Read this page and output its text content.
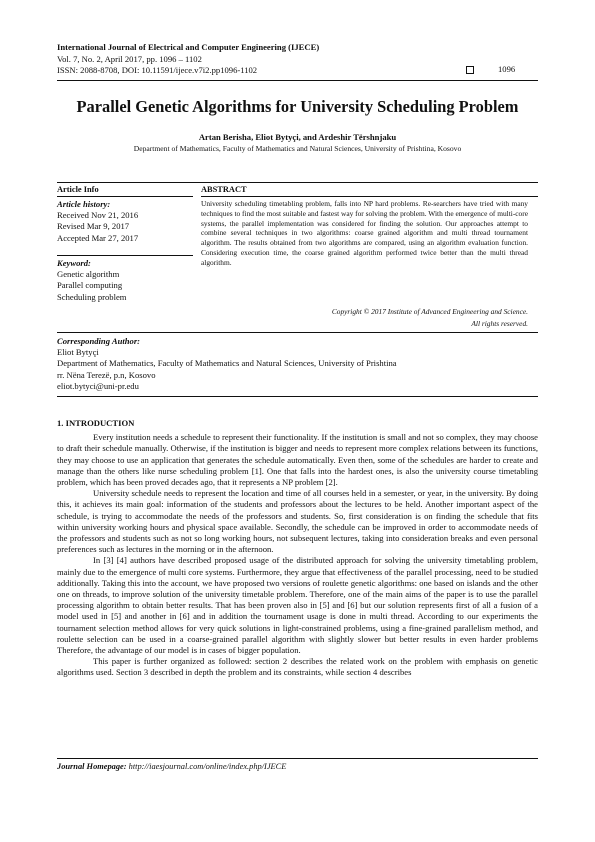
International Journal of Electrical and Computer Engineering (IJECE)
Vol. 7, No. 2, April 2017, pp. 1096 – 1102
ISSN: 2088-8708, DOI: 10.11591/ijece.v7i2.pp1096-1102	1096
Parallel Genetic Algorithms for University Scheduling Problem
Artan Berisha, Eliot Bytyçi, and Ardeshir Tërshnjaku
Department of Mathematics, Faculty of Mathematics and Natural Sciences, University of Prishtina, Kosovo
Article Info	ABSTRACT
Article history:
Received Nov 21, 2016
Revised Mar 9, 2017
Accepted Mar 27, 2017
Keyword:
Genetic algorithm
Parallel computing
Scheduling problem
University scheduling timetabling problem, falls into NP hard problems. Re-searchers have tried with many techniques to find the most suitable and fastest way for solving the problem. With the emergence of multi-core systems, the parallel implementation was considered for finding the solution. Our approaches attempt to combine several techniques in two algorithms: coarse grained algorithm and multi thread tournament algorithm. The results obtained from two algorithms are compared, using an algorithm evaluation function. Considering execution time, the coarse grained algorithm performed twice better than the multi thread algorithm.
Copyright © 2017 Institute of Advanced Engineering and Science.
All rights reserved.
Corresponding Author:
Eliot Bytyçi
Department of Mathematics, Faculty of Mathematics and Natural Sciences, University of Prishtina
rr. Nëna Terezë, p.n, Kosovo
eliot.bytyci@uni-pr.edu
1. INTRODUCTION

Every institution needs a schedule to represent their functionality. If the institution is small and not so complex, they may choose to draft their schedule manually. Otherwise, if the institution is bigger and needs to represent more complex relations between its functions, they may choose to use an application that generates the schedule automatically. Even then, some of the schedules are harder to create and manage than the others like nurse scheduling problem [1]. One that falls into the hardest ones, is also the university course timetabling problem, which has been proved decades ago, that it represents a NP problem [2].

University schedule needs to represent the location and time of all courses held in a semester, or year, in the university. By doing this, it achieves its main goal: information of the students and professors about the lectures to be held. Another important aspect of the schedule, is trying to accommodate the needs of the professors and students. So, first consideration is on finding the schedule that fits within university working hours and physical space available. Secondly, the schedule can be improved in order to accommodate needs of the professors and students such as not so long working hours, not subsequent lectures, taking into consideration breaks and even personal preferences such as lectures in the morning or in the afternoon.

In [3] [4] authors have described proposed usage of the distributed approach for solving the university timetabling problem, mainly due to the emergence of multi core systems. Furthermore, they argue that effectiveness of the parallel processing, need to be studied additionally. Taking this into the account, we have proposed two versions of roulette genetic algorithms: one based on islands and the other one on threads, to improve solution of the university timetable problem. Therefore, one of the main aims of the paper is to use the parallel processing algorithm to obtain better results. That has been proven also in [5] and [6] but our solution represents first of all a fusion of a model used in [5] and another in [6] and in addition the tournament usage is done in multi thread. According to our experiments the tournament selection method allows for very quick solutions in light-constrained problems, using a fine-grained parallelism method, and roulette selection can be used in a coarse-grained parallel algorithm with slightly slower but better results in even harder problems Therefore, the advantage of our model is in cases of bigger population.

This paper is further organized as followed: section 2 describes the related work on the problem with emphasis on genetic algorithms used. Section 3 described in depth the problem and its constraints, while section 4 describes

Journal Homepage: http://iaesjournal.com/online/index.php/IJECE
